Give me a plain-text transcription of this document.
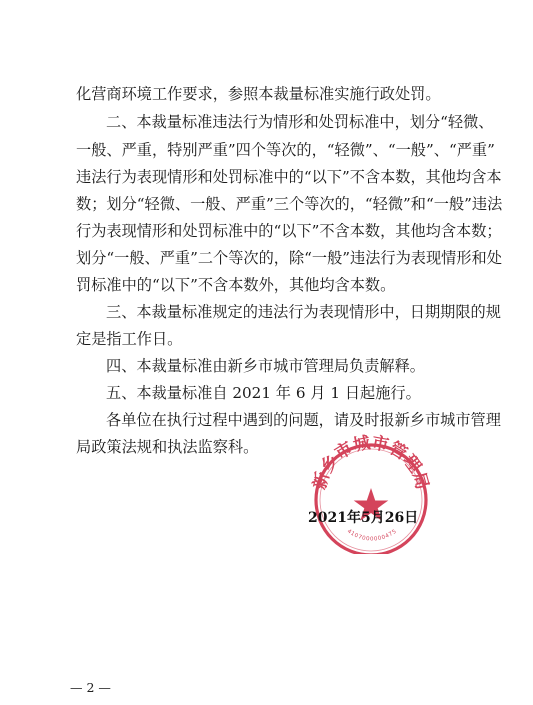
化营商环境工作要求，参照本裁量标准实施行政处罚。
二、本裁量标准违法行为情形和处罚标准中，划分“轻微、
一般、严重，特别严重”四个等次的，“轻微”、“一般”、“严重”
违法行为表现情形和处罚标准中的“以下”不含本数，其他均含本
数；划分“轻微、一般、严重”三个等次的，“轻微”和“一般”违法
行为表现情形和处罚标准中的“以下”不含本数，其他均含本数；
划分“一般、严重”二个等次的，除“一般”违法行为表现情形和处
罚标准中的“以下”不含本数外，其他均含本数。
三、本裁量标准规定的违法行为表现情形中，日期期限的规
定是指工作日。
四、本裁量标准由新乡市城市管理局负责解释。
五、本裁量标准自 2021 年 6 月 1 日起施行。
各单位在执行过程中遇到的问题，请及时报新乡市城市管理
局政策法规和执法监察科。
新乡市城市管理局
4107000000475
2021年5月26日
— 2 —
